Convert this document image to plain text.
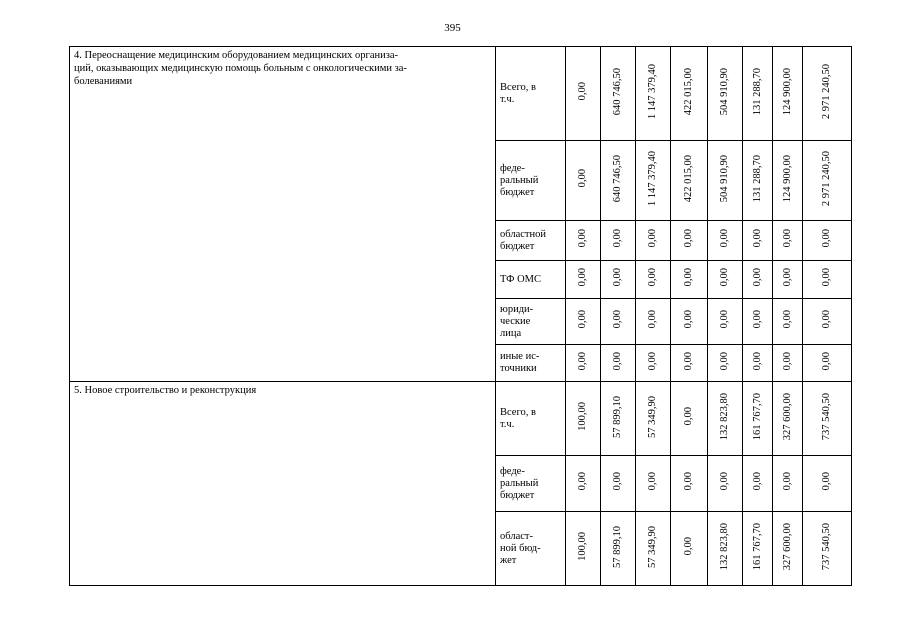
395
4. Переоснащение медицинским оборудованием медицинских организа-
ций, оказывающих медицинскую помощь больным с онкологическими за-
болеваниями	Всего, в
т.ч.	0,00	640 746,50	1 147 379,40	422 015,00	504 910,90	131 288,70	124 900,00	2 971 240,50
	феде-
ральный
бюджет	0,00	640 746,50	1 147 379,40	422 015,00	504 910,90	131 288,70	124 900,00	2 971 240,50
	областной
бюджет	0,00	0,00	0,00	0,00	0,00	0,00	0,00	0,00
	ТФ ОМС	0,00	0,00	0,00	0,00	0,00	0,00	0,00	0,00
	юриди-
ческие
лица	0,00	0,00	0,00	0,00	0,00	0,00	0,00	0,00
	иные ис-
точники	0,00	0,00	0,00	0,00	0,00	0,00	0,00	0,00
5. Новое строительство и реконструкция	Всего, в
т.ч.	100,00	57 899,10	57 349,90	0,00	132 823,80	161 767,70	327 600,00	737 540,50
	феде-
ральный
бюджет	0,00	0,00	0,00	0,00	0,00	0,00	0,00	0,00
	област-
ной бюд-
жет	100,00	57 899,10	57 349,90	0,00	132 823,80	161 767,70	327 600,00	737 540,50
